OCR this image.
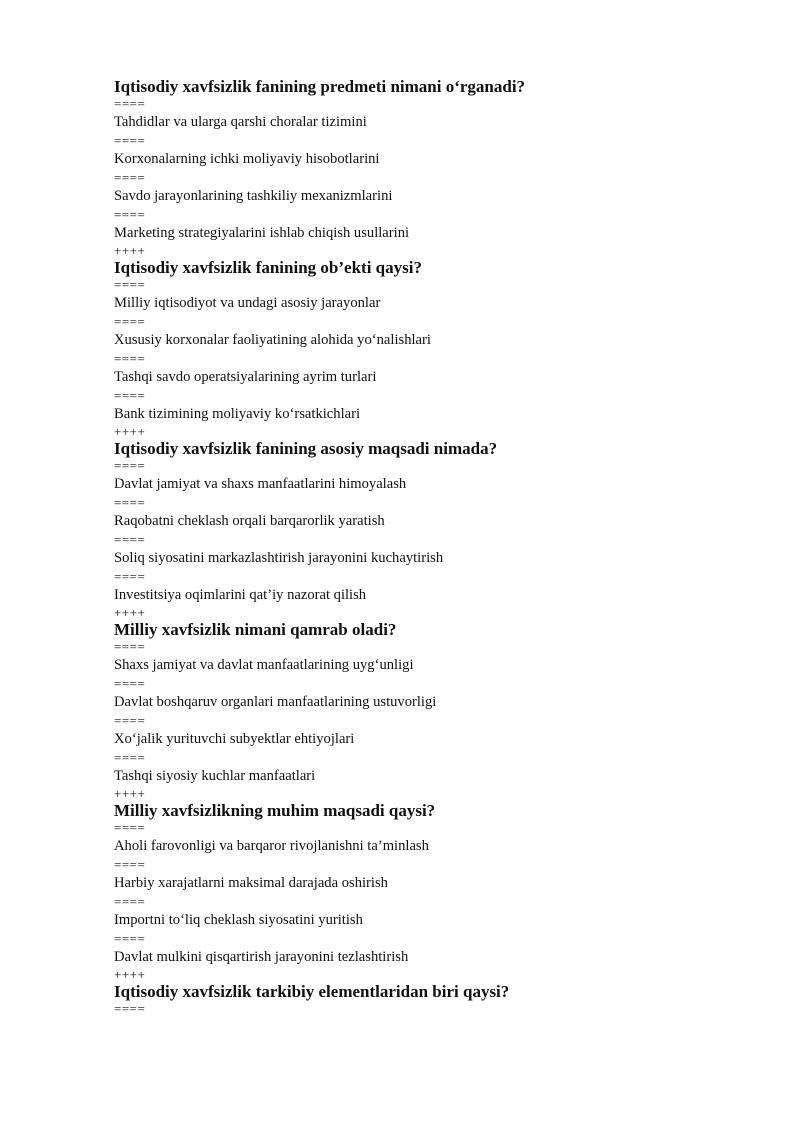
Iqtisodiy xavfsizlik fanining predmeti nimani o‘rganadi?
====
Tahdidlar va ularga qarshi choralar tizimini
====
Korxonalarning ichki moliyaviy hisobotlarini
====
Savdo jarayonlarining tashkiliy mexanizmlarini
====
Marketing strategiyalarini ishlab chiqish usullarini
++++
Iqtisodiy xavfsizlik fanining ob’ekti qaysi?
====
Milliy iqtisodiyot va undagi asosiy jarayonlar
====
Xususiy korxonalar faoliyatining alohida yo‘nalishlari
====
Tashqi savdo operatsiyalarining ayrim turlari
====
Bank tizimining moliyaviy ko‘rsatkichlari
++++
Iqtisodiy xavfsizlik fanining asosiy maqsadi nimada?
====
Davlat jamiyat va shaxs manfaatlarini himoyalash
====
Raqobatni cheklash orqali barqarorlik yaratish
====
Soliq siyosatini markazlashtirish jarayonini kuchaytirish
====
Investitsiya oqimlarini qat’iy nazorat qilish
++++
Milliy xavfsizlik nimani qamrab oladi?
====
Shaxs jamiyat va davlat manfaatlarining uyg‘unligi
====
Davlat boshqaruv organlari manfaatlarining ustuvorligi
====
Xo‘jalik yurituvchi subyektlar ehtiyojlari
====
Tashqi siyosiy kuchlar manfaatlari
++++
Milliy xavfsizlikning muhim maqsadi qaysi?
====
Aholi farovonligi va barqaror rivojlanishni ta’minlash
====
Harbiy xarajatlarni maksimal darajada oshirish
====
Importni to‘liq cheklash siyosatini yuritish
====
Davlat mulkini qisqartirish jarayonini tezlashtirish
++++
Iqtisodiy xavfsizlik tarkibiy elementlaridan biri qaysi?
====
